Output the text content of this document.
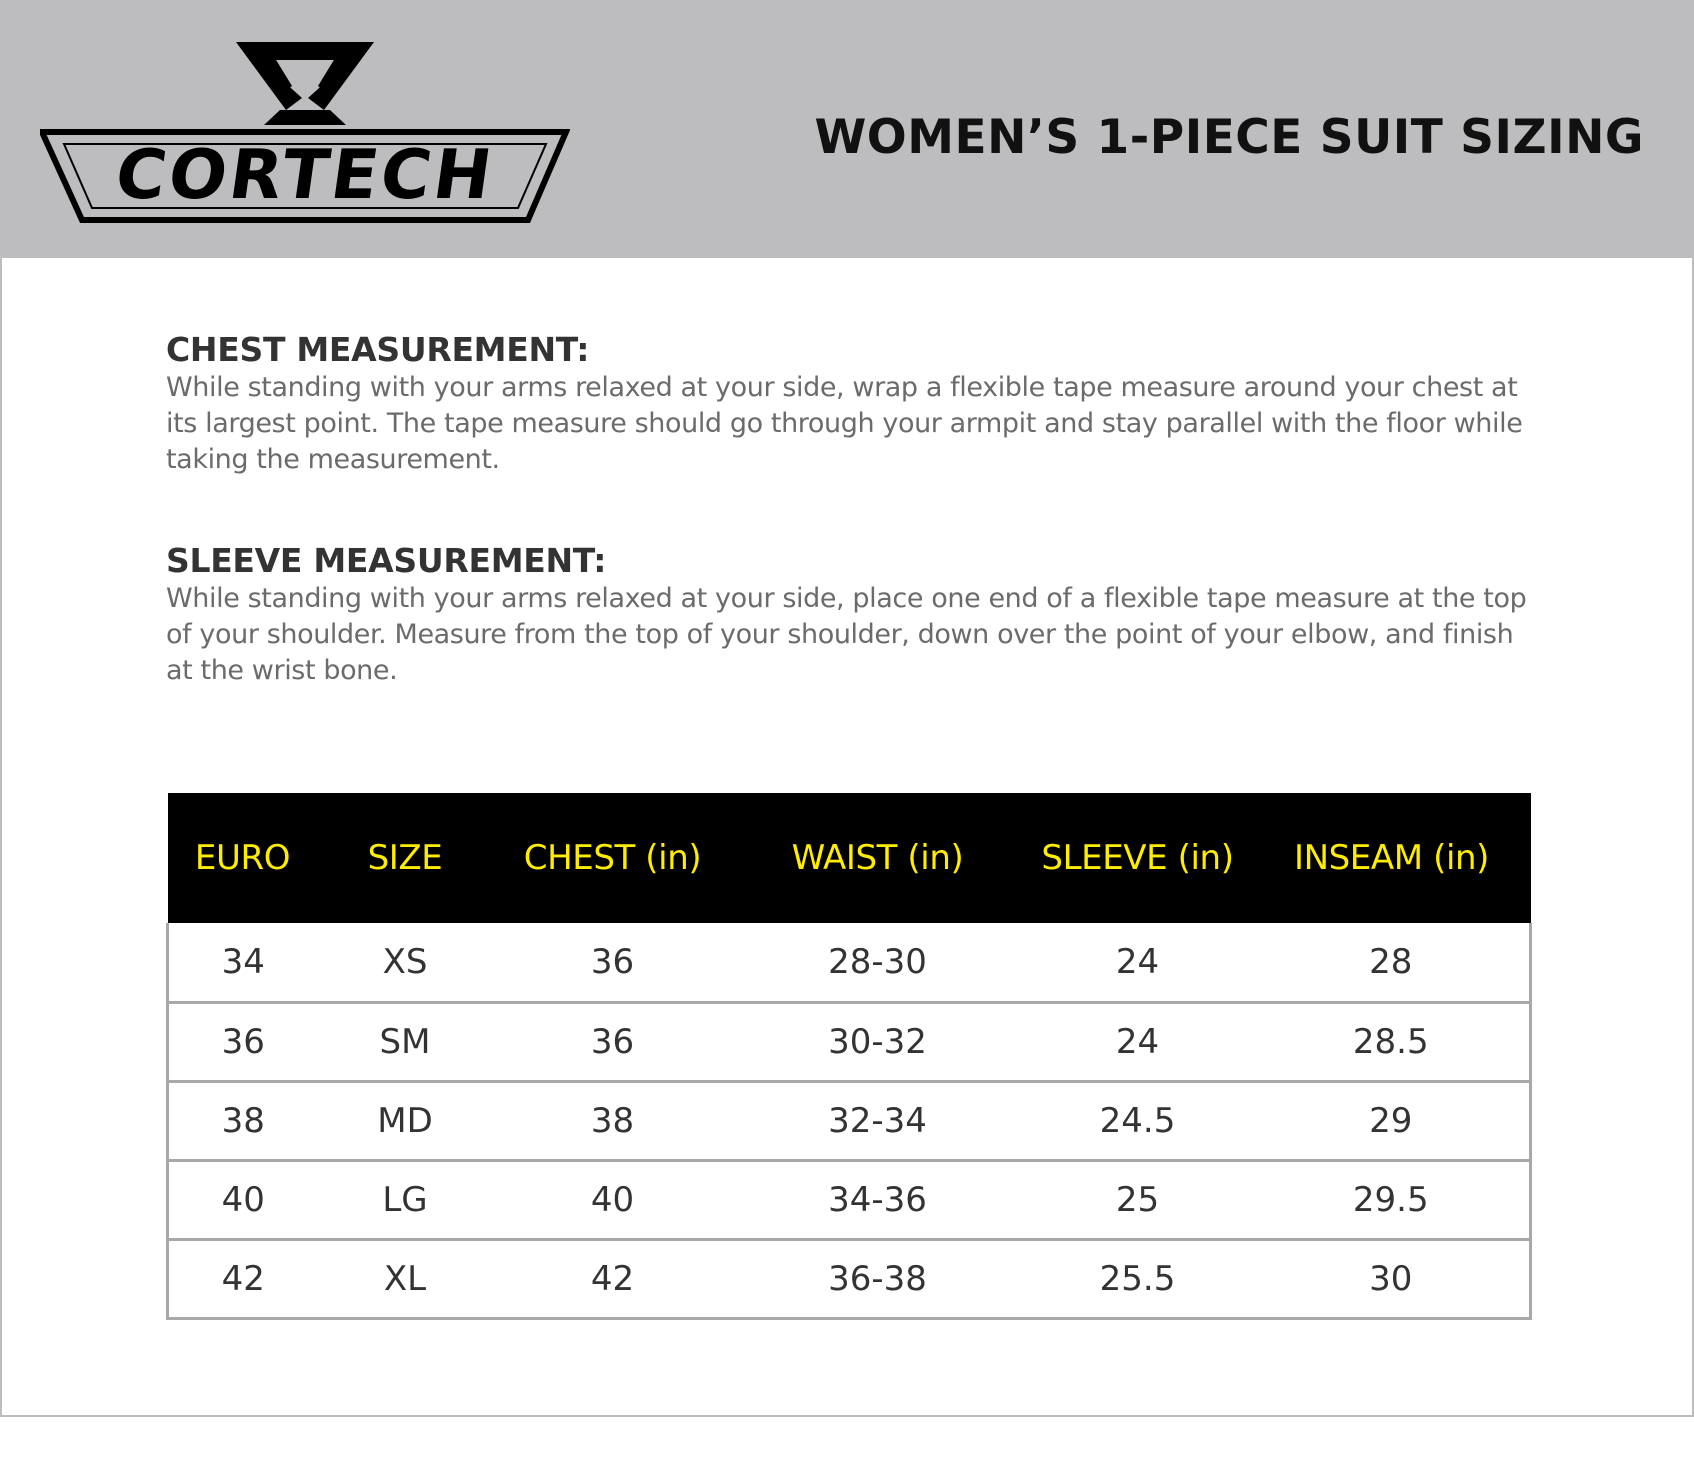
CORTECH	WOMEN’S 1-PIECE SUIT SIZING

CHEST MEASUREMENT:

While standing with your arms relaxed at your side, wrap a flexible tape measure around your chest at its largest point. The tape measure should go through your armpit and stay parallel with the floor while taking the measurement.

SLEEVE MEASUREMENT:

While standing with your arms relaxed at your side, place one end of a flexible tape measure at the top of your shoulder. Measure from the top of your shoulder, down over the point of your elbow, and finish at the wrist bone.

EURO	SIZE	CHEST (in)	WAIST (in)	SLEEVE (in)	INSEAM (in)
34	XS	36	28-30	24	28
36	SM	36	30-32	24	28.5
38	MD	38	32-34	24.5	29
40	LG	40	34-36	25	29.5
42	XL	42	36-38	25.5	30
